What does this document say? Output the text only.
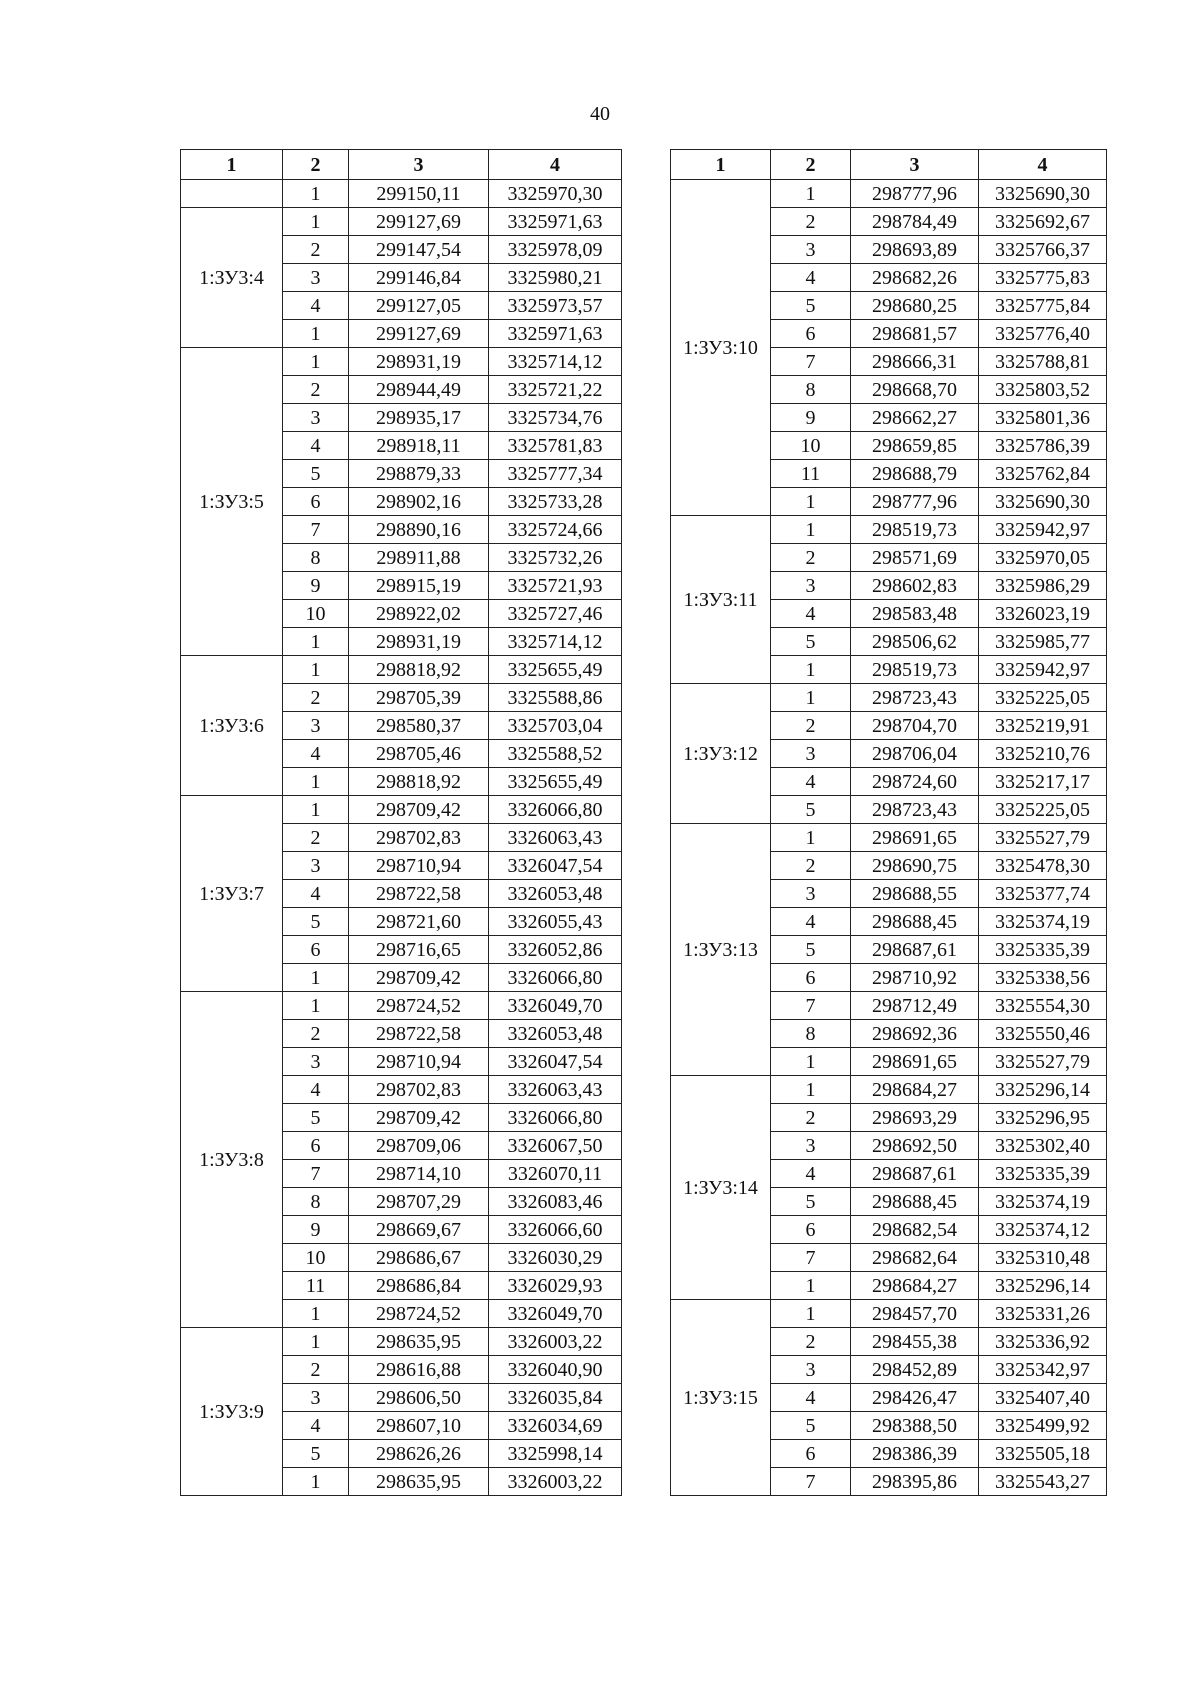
40
1	2	3	4
	1	299150,11	3325970,30
1:ЗУ3:4	1	299127,69	3325971,63
	2	299147,54	3325978,09
	3	299146,84	3325980,21
	4	299127,05	3325973,57
	1	299127,69	3325971,63
1:ЗУ3:5	1	298931,19	3325714,12
	2	298944,49	3325721,22
	3	298935,17	3325734,76
	4	298918,11	3325781,83
	5	298879,33	3325777,34
	6	298902,16	3325733,28
	7	298890,16	3325724,66
	8	298911,88	3325732,26
	9	298915,19	3325721,93
	10	298922,02	3325727,46
	1	298931,19	3325714,12
1:ЗУ3:6	1	298818,92	3325655,49
	2	298705,39	3325588,86
	3	298580,37	3325703,04
	4	298705,46	3325588,52
	1	298818,92	3325655,49
1:ЗУ3:7	1	298709,42	3326066,80
	2	298702,83	3326063,43
	3	298710,94	3326047,54
	4	298722,58	3326053,48
	5	298721,60	3326055,43
	6	298716,65	3326052,86
	1	298709,42	3326066,80
1:ЗУ3:8	1	298724,52	3326049,70
	2	298722,58	3326053,48
	3	298710,94	3326047,54
	4	298702,83	3326063,43
	5	298709,42	3326066,80
	6	298709,06	3326067,50
	7	298714,10	3326070,11
	8	298707,29	3326083,46
	9	298669,67	3326066,60
	10	298686,67	3326030,29
	11	298686,84	3326029,93
	1	298724,52	3326049,70
1:ЗУ3:9	1	298635,95	3326003,22
	2	298616,88	3326040,90
	3	298606,50	3326035,84
	4	298607,10	3326034,69
	5	298626,26	3325998,14
	1	298635,95	3326003,22
1	2	3	4
1:ЗУ3:10	1	298777,96	3325690,30
	2	298784,49	3325692,67
	3	298693,89	3325766,37
	4	298682,26	3325775,83
	5	298680,25	3325775,84
	6	298681,57	3325776,40
	7	298666,31	3325788,81
	8	298668,70	3325803,52
	9	298662,27	3325801,36
	10	298659,85	3325786,39
	11	298688,79	3325762,84
	1	298777,96	3325690,30
1:ЗУ3:11	1	298519,73	3325942,97
	2	298571,69	3325970,05
	3	298602,83	3325986,29
	4	298583,48	3326023,19
	5	298506,62	3325985,77
	1	298519,73	3325942,97
1:ЗУ3:12	1	298723,43	3325225,05
	2	298704,70	3325219,91
	3	298706,04	3325210,76
	4	298724,60	3325217,17
	5	298723,43	3325225,05
1:ЗУ3:13	1	298691,65	3325527,79
	2	298690,75	3325478,30
	3	298688,55	3325377,74
	4	298688,45	3325374,19
	5	298687,61	3325335,39
	6	298710,92	3325338,56
	7	298712,49	3325554,30
	8	298692,36	3325550,46
	1	298691,65	3325527,79
1:ЗУ3:14	1	298684,27	3325296,14
	2	298693,29	3325296,95
	3	298692,50	3325302,40
	4	298687,61	3325335,39
	5	298688,45	3325374,19
	6	298682,54	3325374,12
	7	298682,64	3325310,48
	1	298684,27	3325296,14
1:ЗУ3:15	1	298457,70	3325331,26
	2	298455,38	3325336,92
	3	298452,89	3325342,97
	4	298426,47	3325407,40
	5	298388,50	3325499,92
	6	298386,39	3325505,18
	7	298395,86	3325543,27
